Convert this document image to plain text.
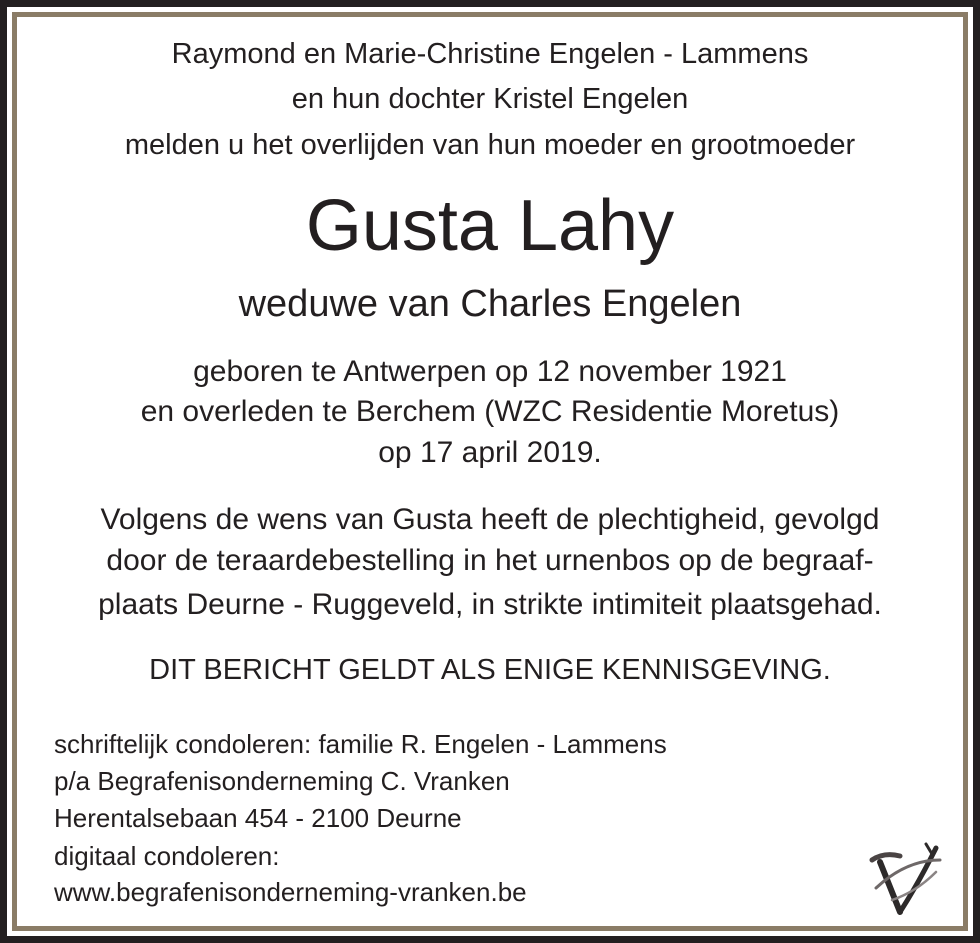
Raymond en Marie-Christine Engelen - Lammens
en hun dochter Kristel Engelen
melden u het overlijden van hun moeder en grootmoeder
Gusta Lahy
weduwe van Charles Engelen
geboren te Antwerpen op 12 november 1921
en overleden te Berchem (WZC Residentie Moretus)
op 17 april 2019.
Volgens de wens van Gusta heeft de plechtigheid, gevolgd
door de teraardebestelling in het urnenbos op de begraaf-
plaats Deurne - Ruggeveld, in strikte intimiteit plaatsgehad.
DIT BERICHT GELDT ALS ENIGE KENNISGEVING.
schriftelijk condoleren: familie R. Engelen - Lammens
p/a Begrafenisonderneming C. Vranken
Herentalsebaan 454 - 2100 Deurne
digitaal condoleren:
www.begrafenisonderneming-vranken.be
